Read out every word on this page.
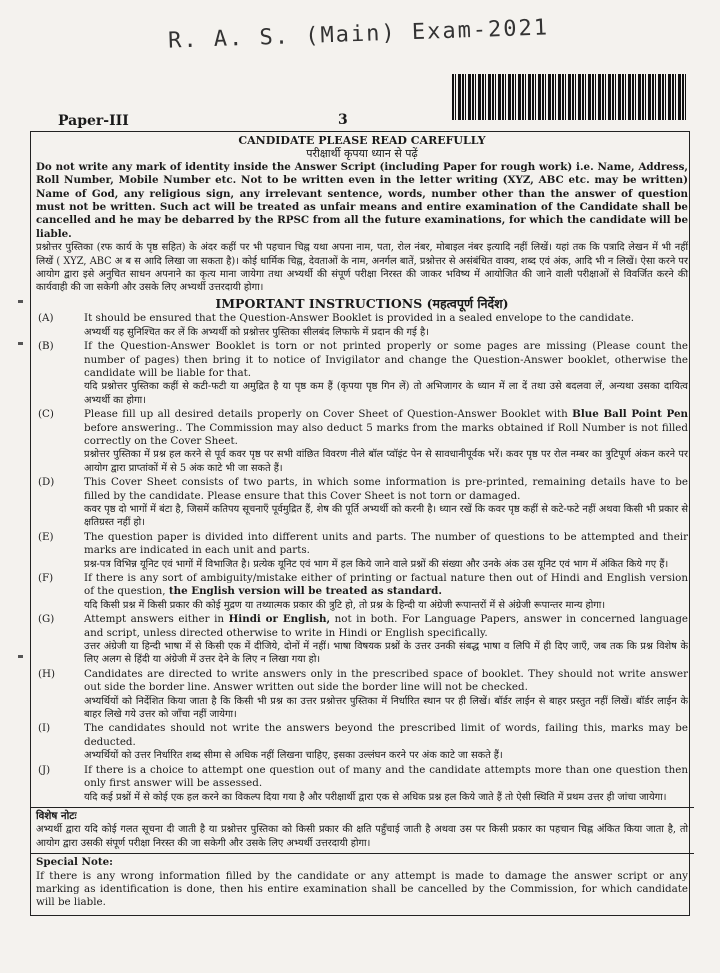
R. A. S. (Main) Exam-2021
Paper-III	3
CANDIDATE PLEASE READ CAREFULLY
परीक्षार्थी कृपया ध्यान से पढ़ें
Do not write any mark of identity inside the Answer Script (including Paper for rough work) i.e. Name, Address, Roll Number, Mobile Number etc. Not to be written even in the letter writing (XYZ, ABC etc. may be written) Name of God, any religious sign, any irrelevant sentence, words, number other than the answer of question must not be written. Such act will be treated as unfair means and entire examination of the Candidate shall be cancelled and he may be debarred by the RPSC from all the future examinations, for which the candidate will be liable.
प्रश्नोत्तर पुस्तिका (रफ कार्य के पृष्ठ सहित) के अंदर कहीं पर भी पहचान चिह्न यथा अपना नाम, पता, रोल नंबर, मोबाइल नंबर इत्यादि नहीं लिखें। यहां तक कि पत्रादि लेखन में भी नहीं लिखें ( XYZ, ABC अ ब स आदि लिखा जा सकता है)। कोई धार्मिक चिह्न, देवताओं के नाम, अनर्गल बातें, प्रश्नोत्तर से असंबंधित वाक्य, शब्द एवं अंक, आदि भी न लिखें। ऐसा करने पर आयोग द्वारा इसे अनुचित साधन अपनाने का कृत्य माना जायेगा तथा अभ्यर्थी की संपूर्ण परीक्षा निरस्त की जाकर भविष्य में आयोजित की जाने वाली परीक्षाओं से विवर्जित करने की कार्यवाही की जा सकेगी और उसके लिए अभ्यर्थी उत्तरदायी होगा।
IMPORTANT INSTRUCTIONS (महत्वपूर्ण निर्देश)
(A)	It should be ensured that the Question-Answer Booklet is provided in a sealed envelope to the candidate.
अभ्यर्थी यह सुनिश्चित कर लें कि अभ्यर्थी को प्रश्नोत्तर पुस्तिका सीलबंद लिफाफे में प्रदान की गई है।
(B)	If the Question-Answer Booklet is torn or not printed properly or some pages are missing (Please count the number of pages) then bring it to notice of Invigilator and change the Question-Answer booklet, otherwise the candidate will be liable for that.
यदि प्रश्नोत्तर पुस्तिका कहीं से कटी-फटी या अमुद्रित है या पृष्ठ कम हैं (कृपया पृष्ठ गिन लें) तो अभिजागर के ध्यान में ला दें तथा उसे बदलवा लें, अन्यथा उसका दायित्व अभ्यर्थी का होगा।
(C)	Please fill up all desired details properly on Cover Sheet of Question-Answer Booklet with Blue Ball Point Pen before answering.. The Commission may also deduct 5 marks from the marks obtained if Roll Number is not filled correctly on the Cover Sheet.
प्रश्नोत्तर पुस्तिका में प्रश्न हल करने से पूर्व कवर पृष्ठ पर सभी वांछित विवरण नीले बॉल प्वॉइंट पेन से सावधानीपूर्वक भरें। कवर पृष्ठ पर रोल नम्बर का त्रुटिपूर्ण अंकन करने पर आयोग द्वारा प्राप्तांकों में से 5 अंक काटे भी जा सकते हैं।
(D)	This Cover Sheet consists of two parts, in which some information is pre-printed, remaining details have to be filled by the candidate. Please ensure that this Cover Sheet is not torn or damaged.
कवर पृष्ठ दो भागों में बंटा है, जिसमें कतिपय सूचनाएँ पूर्वमुद्रित हैं, शेष की पूर्ति अभ्यर्थी को करनी है। ध्यान रखें कि कवर पृष्ठ कहीं से कटे-फटे नहीं अथवा किसी भी प्रकार से क्षतिग्रस्त नहीं हो।
(E)	The question paper is divided into different units and parts. The number of questions to be attempted and their marks are indicated in each unit and parts.
प्रश्न-पत्र विभिन्न यूनिट एवं भागों में विभाजित है। प्रत्येक यूनिट एवं भाग में हल किये जाने वाले प्रश्नों की संख्या और उनके अंक उस यूनिट एवं भाग में अंकित किये गए हैं।
(F)	If there is any sort of ambiguity/mistake either of printing or factual nature then out of Hindi and English version of the question, the English version will be treated as standard.
यदि किसी प्रश्न में किसी प्रकार की कोई मुद्रण या तथ्यात्मक प्रकार की त्रुटि हो, तो प्रश्न के हिन्दी या अंग्रेजी रूपान्तरों में से अंग्रेजी रूपान्तर मान्य होगा।
(G)	Attempt answers either in Hindi or English, not in both. For Language Papers, answer in concerned language and script, unless directed otherwise to write in Hindi or English specifically.
उत्तर अंग्रेजी या हिन्दी भाषा में से किसी एक में दीजिये, दोनों में नहीं। भाषा विषयक प्रश्नों के उत्तर उनकी संबद्ध भाषा व लिपि में ही दिए जाएँ, जब तक कि प्रश्न विशेष के लिए अलग से हिंदी या अंग्रेजी में उत्तर देने के लिए न लिखा गया हो।
(H)	Candidates are directed to write answers only in the prescribed space of booklet. They should not write answer out side the border line. Answer written out side the border line will not be checked.
अभ्यर्थियों को निर्देशित किया जाता है कि किसी भी प्रश्न का उत्तर प्रश्नोत्तर पुस्तिका में निर्धारित स्थान पर ही लिखें। बॉर्डर लाईन से बाहर प्रस्तुत नहीं लिखें। बॉर्डर लाईन के बाहर लिखे गये उत्तर को जाँचा नहीं जायेगा।
(I)	The candidates should not write the answers beyond the prescribed limit of words, failing this, marks may be deducted.
अभ्यर्थियों को उत्तर निर्धारित शब्द सीमा से अधिक नहीं लिखना चाहिए, इसका उल्लंघन करने पर अंक काटे जा सकते हैं।
(J)	If there is a choice to attempt one question out of many and the candidate attempts more than one question then only first answer will be assessed.
यदि कई प्रश्नों में से कोई एक हल करने का विकल्प दिया गया है और परीक्षार्थी द्वारा एक से अधिक प्रश्न हल किये जाते हैं तो ऐसी स्थिति में प्रथम उत्तर ही जांचा जायेगा।
विशेष नोटः
अभ्यर्थी द्वारा यदि कोई गलत सूचना दी जाती है या प्रश्नोत्तर पुस्तिका को किसी प्रकार की क्षति पहुँचाई जाती है अथवा उस पर किसी प्रकार का पहचान चिह्न अंकित किया जाता है, तो आयोग द्वारा उसकी संपूर्ण परीक्षा निरस्त की जा सकेगी और उसके लिए अभ्यर्थी उत्तरदायी होगा।
Special Note:
If there is any wrong information filled by the candidate or any attempt is made to damage the answer script or any marking as identification is done, then his entire examination shall be cancelled by the Commission, for which candidate will be liable.
